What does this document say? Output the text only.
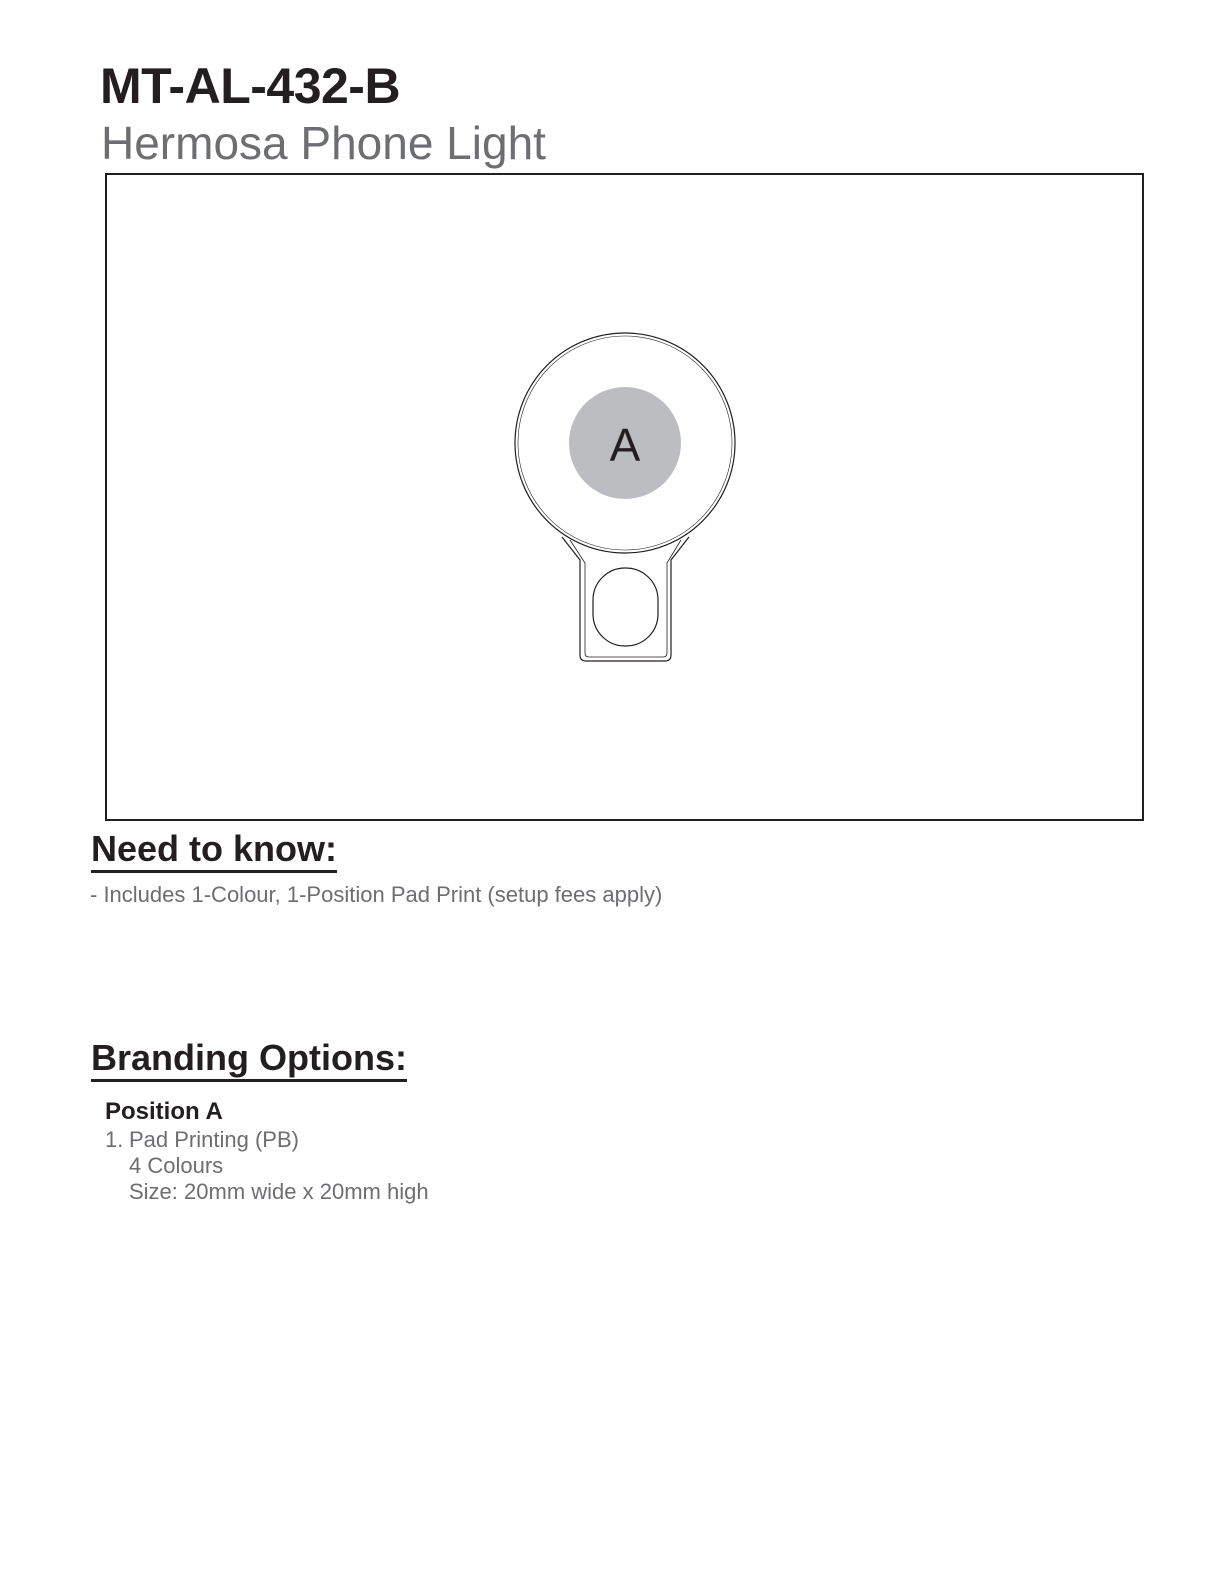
MT-AL-432-B
Hermosa Phone Light
A
Need to know:
- Includes 1-Colour, 1-Position Pad Print (setup fees apply)
Branding Options:
Position A
1. Pad Printing (PB)
4 Colours
Size: 20mm wide x 20mm high
